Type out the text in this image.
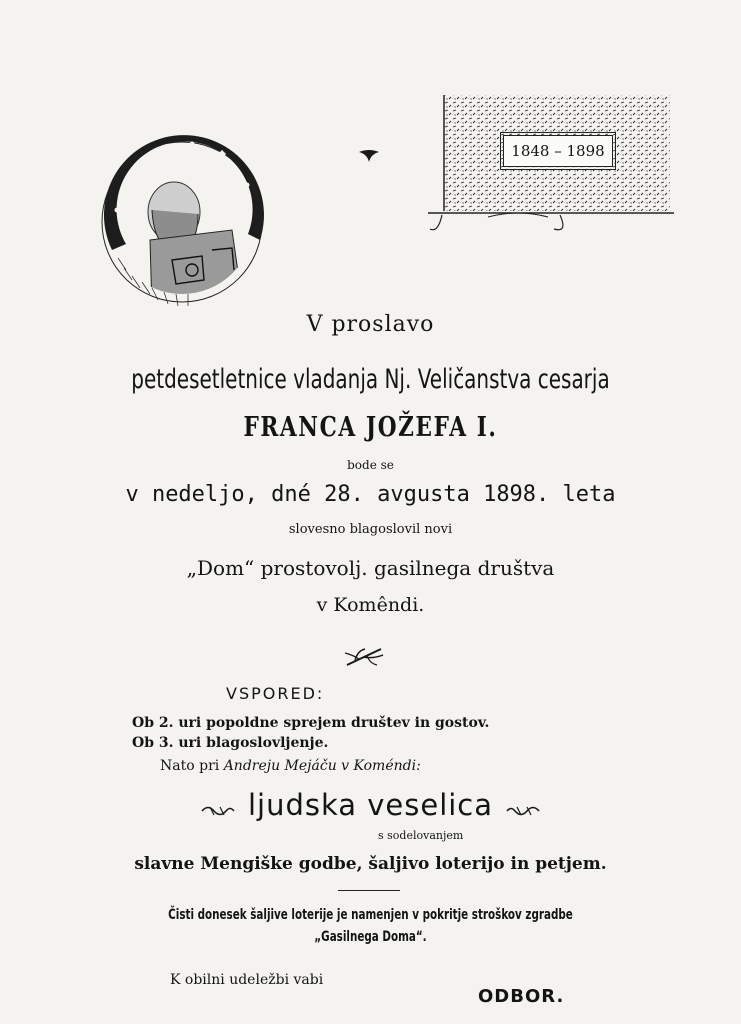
1848 – 1898
V proslavo
petdesetletnice vladanja Nj. Veličanstva cesarja
FRANCA JOŽEFA I.
bode se
v nedeljo, dné 28. avgusta 1898. leta
slovesno blagoslovil novi
„Dom“ prostovolj. gasilnega društva
v Komêndi.
VSPORED:
Ob 2. uri popoldne sprejem društev in gostov.
Ob 3. uri blagoslovljenje.
Nato pri Andreju Mejáču v Koméndi:
ljudska veselica
s sodelovanjem
slavne Mengiške godbe, šaljivo loterijo in petjem.
Čisti donesek šaljive loterije je namenjen v pokritje stroškov zgradbe
„Gasilnega Doma“.
K obilni udeležbi vabi
ODBOR.
